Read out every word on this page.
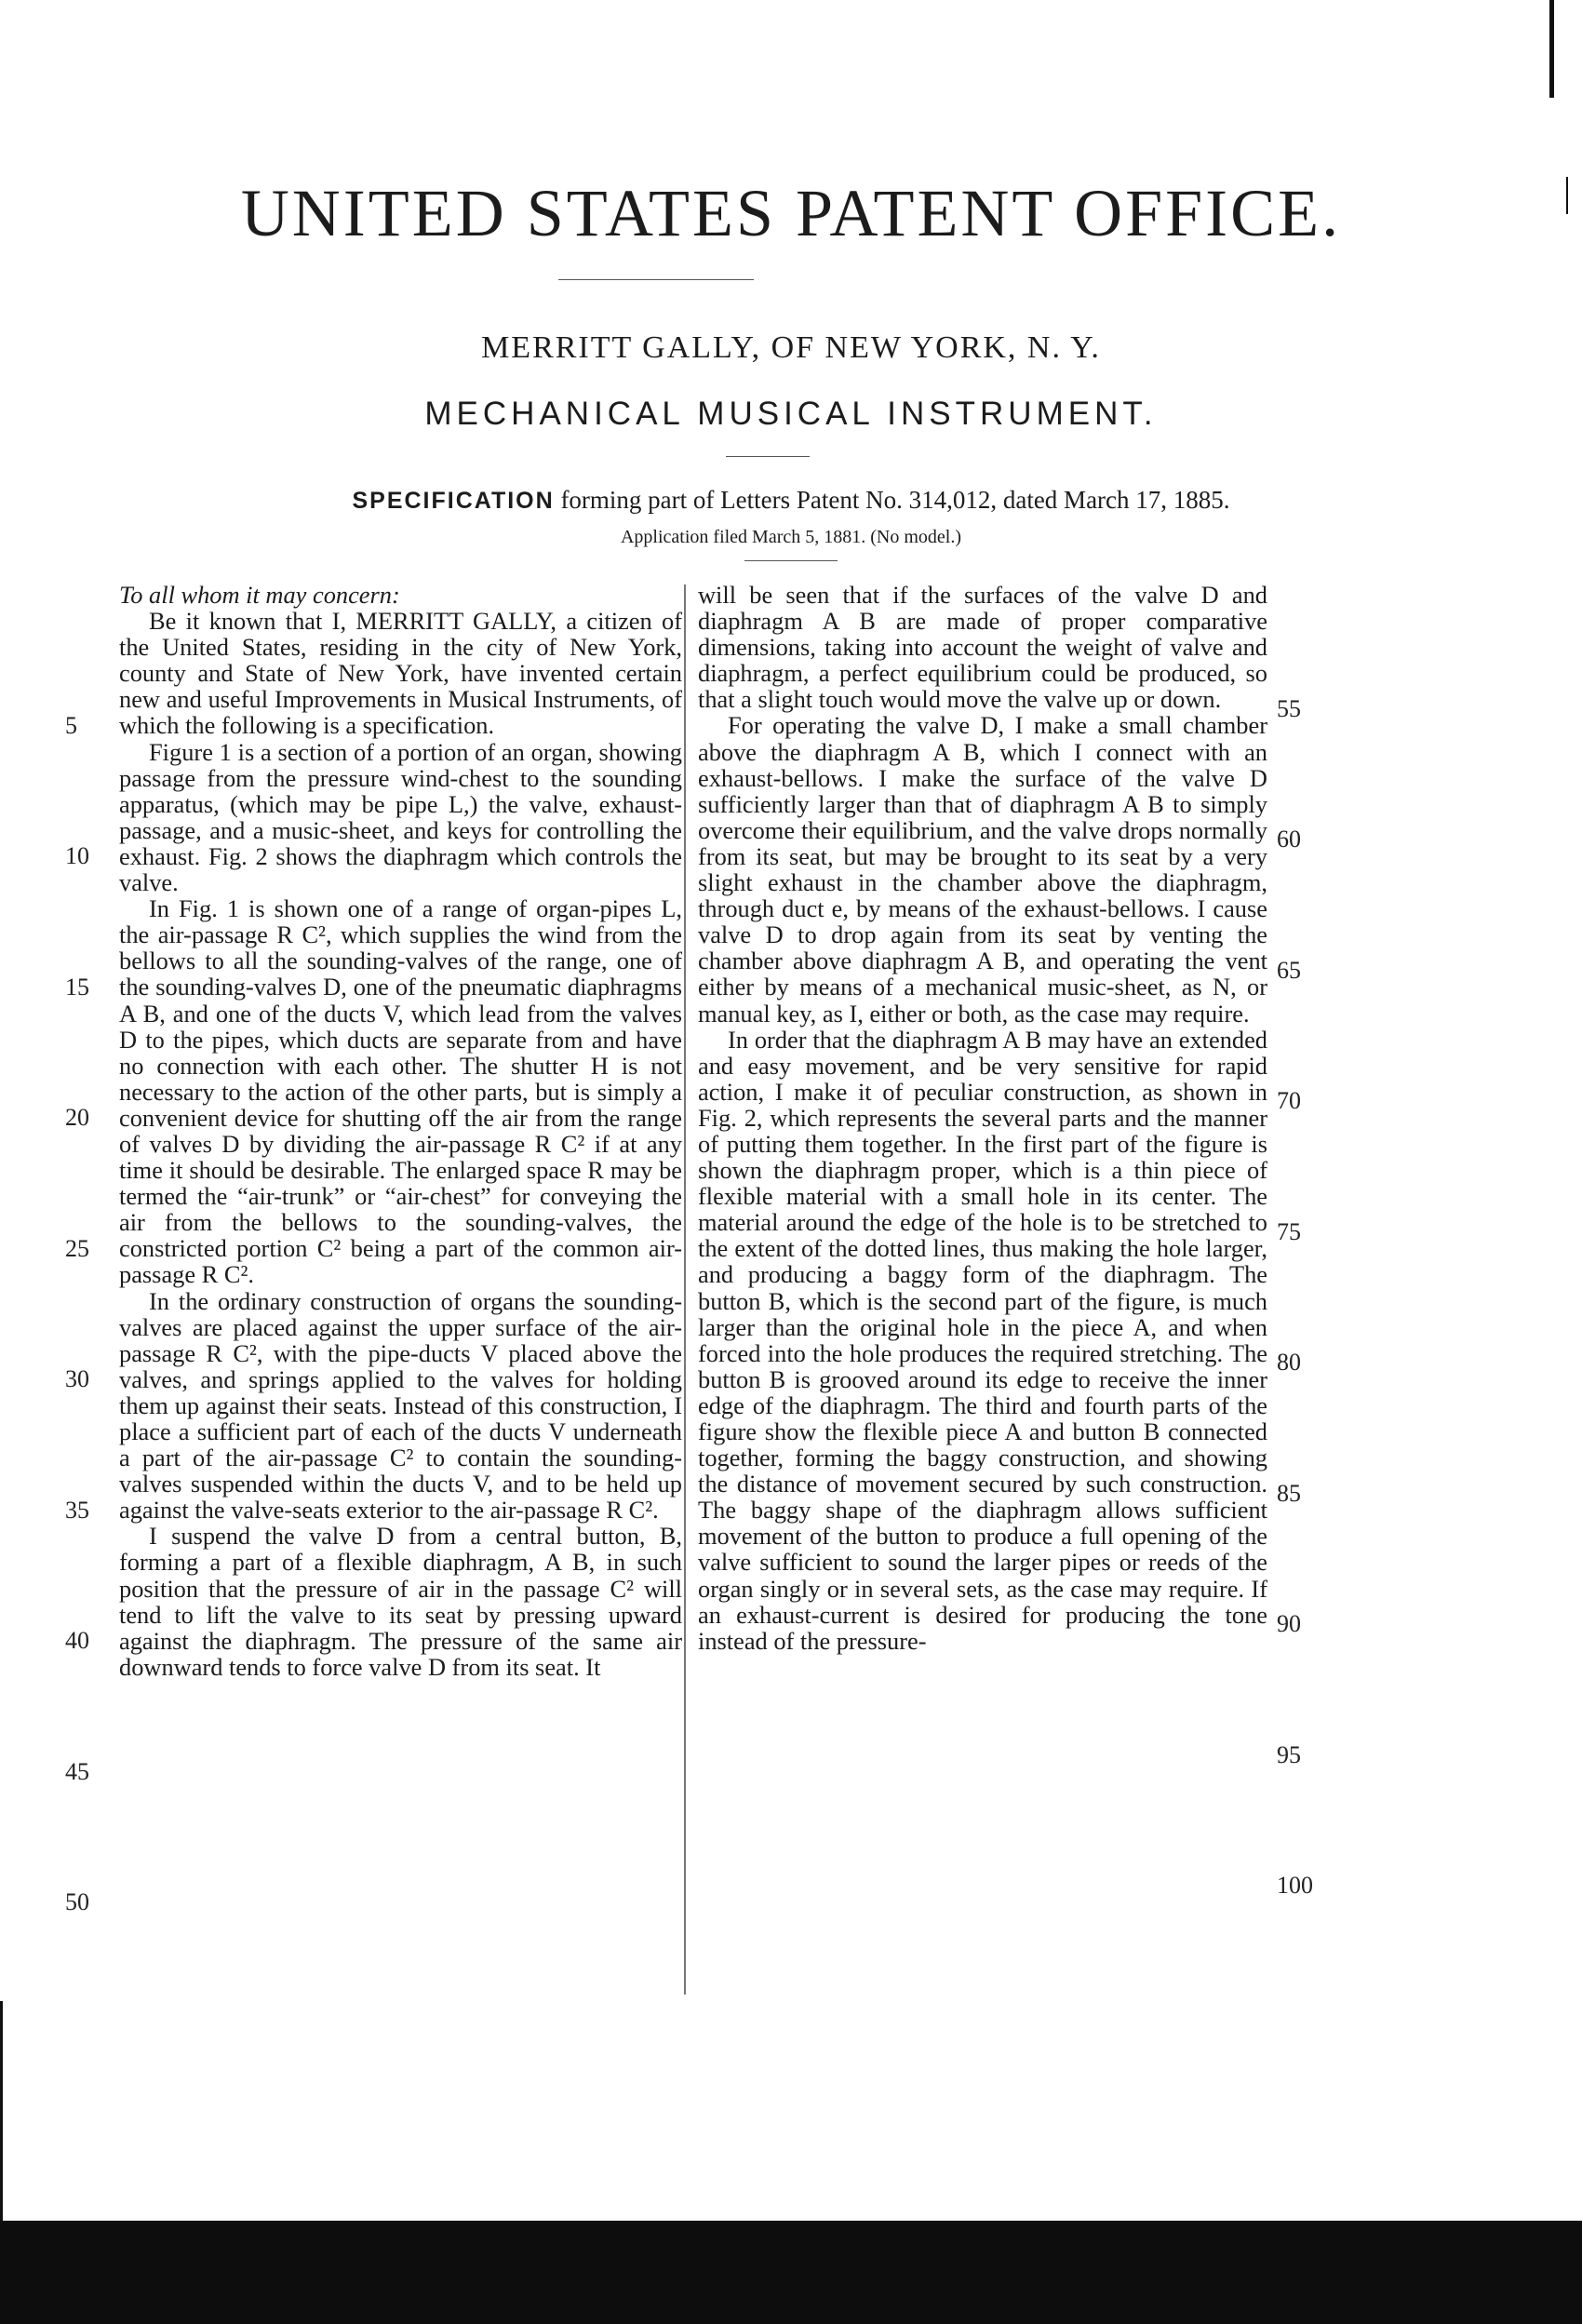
UNITED STATES PATENT OFFICE.

MERRITT GALLY, OF NEW YORK, N. Y.

MECHANICAL MUSICAL INSTRUMENT.

SPECIFICATION forming part of Letters Patent No. 314,012, dated March 17, 1885.

Application filed March 5, 1881. (No model.)

To all whom it may concern:

Be it known that I, MERRITT GALLY, a citizen of the United States, residing in the city of New York, county and State of New York, have invented certain new and useful Improvements in Musical Instruments, of which the following is a specification.

Figure 1 is a section of a portion of an organ, showing passage from the pressure wind-chest to the sounding apparatus, (which may be pipe L,) the valve, exhaust-passage, and a music-sheet, and keys for controlling the exhaust. Fig. 2 shows the diaphragm which controls the valve.

In Fig. 1 is shown one of a range of organ-pipes L, the air-passage R C², which supplies the wind from the bellows to all the sounding-valves of the range, one of the sounding-valves D, one of the pneumatic diaphragms A B, and one of the ducts V, which lead from the valves D to the pipes, which ducts are separate from and have no connection with each other. The shutter H is not necessary to the action of the other parts, but is simply a convenient device for shutting off the air from the range of valves D by dividing the air-passage R C² if at any time it should be desirable. The enlarged space R may be termed the “air-trunk” or “air-chest” for conveying the air from the bellows to the sounding-valves, the constricted portion C² being a part of the common air-passage R C².

In the ordinary construction of organs the sounding-valves are placed against the upper surface of the air-passage R C², with the pipe-ducts V placed above the valves, and springs applied to the valves for holding them up against their seats. Instead of this construction, I place a sufficient part of each of the ducts V underneath a part of the air-passage C² to contain the sounding-valves suspended within the ducts V, and to be held up against the valve-seats exterior to the air-passage R C².

I suspend the valve D from a central button, B, forming a part of a flexible diaphragm, A B, in such position that the pressure of air in the passage C² will tend to lift the valve to its seat by pressing upward against the diaphragm. The pressure of the same air downward tends to force valve D from its seat. It

will be seen that if the surfaces of the valve D and diaphragm A B are made of proper comparative dimensions, taking into account the weight of valve and diaphragm, a perfect equilibrium could be produced, so that a slight touch would move the valve up or down.

For operating the valve D, I make a small chamber above the diaphragm A B, which I connect with an exhaust-bellows. I make the surface of the valve D sufficiently larger than that of diaphragm A B to simply overcome their equilibrium, and the valve drops normally from its seat, but may be brought to its seat by a very slight exhaust in the chamber above the diaphragm, through duct e, by means of the exhaust-bellows. I cause valve D to drop again from its seat by venting the chamber above diaphragm A B, and operating the vent either by means of a mechanical music-sheet, as N, or manual key, as I, either or both, as the case may require.

In order that the diaphragm A B may have an extended and easy movement, and be very sensitive for rapid action, I make it of peculiar construction, as shown in Fig. 2, which represents the several parts and the manner of putting them together. In the first part of the figure is shown the diaphragm proper, which is a thin piece of flexible material with a small hole in its center. The material around the edge of the hole is to be stretched to the extent of the dotted lines, thus making the hole larger, and producing a baggy form of the diaphragm. The button B, which is the second part of the figure, is much larger than the original hole in the piece A, and when forced into the hole produces the required stretching. The button B is grooved around its edge to receive the inner edge of the diaphragm. The third and fourth parts of the figure show the flexible piece A and button B connected together, forming the baggy construction, and showing the distance of movement secured by such construction. The baggy shape of the diaphragm allows sufficient movement of the button to produce a full opening of the valve sufficient to sound the larger pipes or reeds of the organ singly or in several sets, as the case may require. If an exhaust-current is desired for producing the tone instead of the pressure-

5
10
15
20
25
30
35
40
45
50
55
60
65
70
75
80
85
90
95
100
